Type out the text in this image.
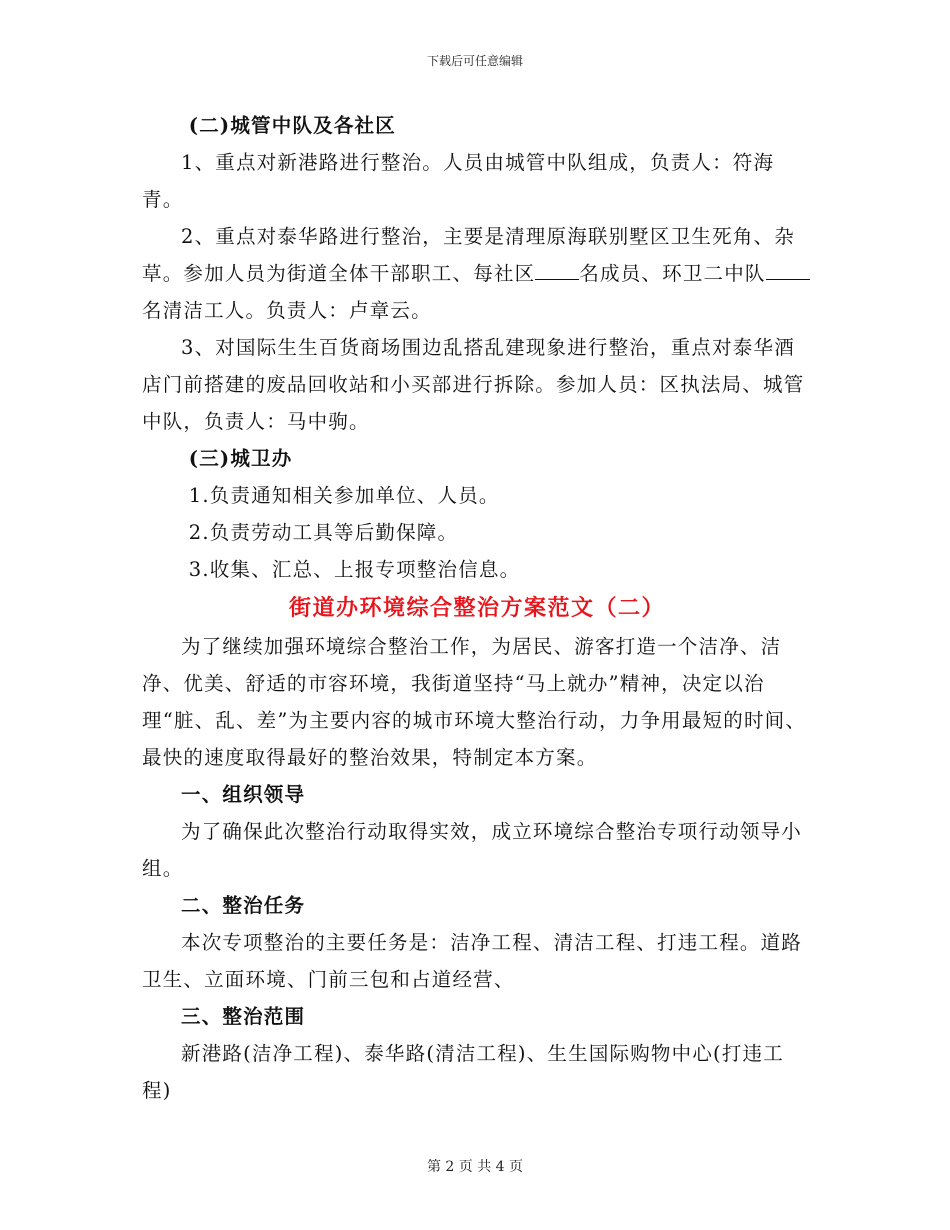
下载后可任意编辑

(二)城管中队及各社区

1、重点对新港路进行整治。人员由城管中队组成，负责人：符海青。

2、重点对泰华路进行整治，主要是清理原海联别墅区卫生死角、杂草。参加人员为街道全体干部职工、每社区 名成员、环卫二中队名清洁工人。负责人：卢章云。

3、对国际生生百货商场围边乱搭乱建现象进行整治，重点对泰华酒店门前搭建的废品回收站和小买部进行拆除。参加人员：区执法局、城管中队，负责人：马中驹。

(三)城卫办

1.负责通知相关参加单位、人员。

2.负责劳动工具等后勤保障。

3.收集、汇总、上报专项整治信息。

街道办环境综合整治方案范文（二）

为了继续加强环境综合整治工作，为居民、游客打造一个洁净、洁净、优美、舒适的市容环境，我街道坚持“马上就办”精神，决定以治理“脏、乱、差”为主要内容的城市环境大整治行动，力争用最短的时间、最快的速度取得最好的整治效果，特制定本方案。

一、组织领导

为了确保此次整治行动取得实效，成立环境综合整治专项行动领导小组。

二、整治任务

本次专项整治的主要任务是：洁净工程、清洁工程、打违工程。道路卫生、立面环境、门前三包和占道经营、

三、整治范围

新港路(洁净工程)、泰华路(清洁工程)、生生国际购物中心(打违工程)

第 2 页 共 4 页
